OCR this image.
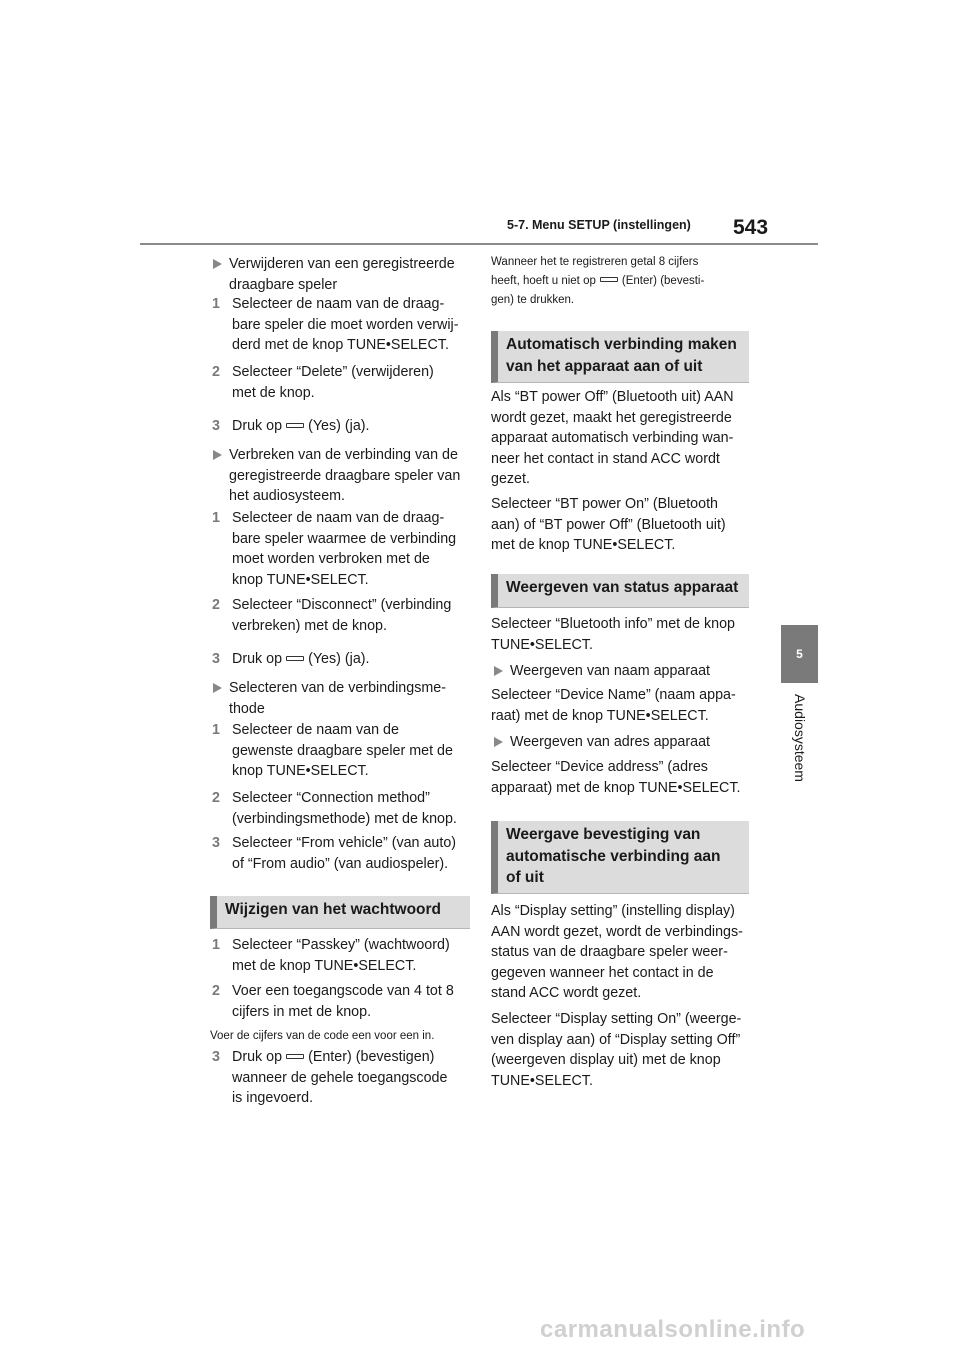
5-7. Menu SETUP (instellingen) 543
5
Audiosysteem
Verwijderen van een geregistreerde
draagbare speler
1 Selecteer de naam van de draag-
bare speler die moet worden verwij-
derd met de knop TUNE•SELECT.
2 Selecteer “Delete” (verwijderen)
met de knop.
3 Druk op (Yes) (ja).
Verbreken van de verbinding van de
geregistreerde draagbare speler van
het audiosysteem.
1 Selecteer de naam van de draag-
bare speler waarmee de verbinding
moet worden verbroken met de
knop TUNE•SELECT.
2 Selecteer “Disconnect” (verbinding
verbreken) met de knop.
3 Druk op (Yes) (ja).
Selecteren van de verbindingsme-
thode
1 Selecteer de naam van de
gewenste draagbare speler met de
knop TUNE•SELECT.
2 Selecteer “Connection method”
(verbindingsmethode) met de knop.
3 Selecteer “From vehicle” (van auto)
of “From audio” (van audiospeler).
Wijzigen van het wachtwoord
1 Selecteer “Passkey” (wachtwoord)
met de knop TUNE•SELECT.
2 Voer een toegangscode van 4 tot 8
cijfers in met de knop.
Voer de cijfers van de code een voor een in.
3 Druk op (Enter) (bevestigen)
wanneer de gehele toegangscode
is ingevoerd.
Wanneer het te registreren getal 8 cijfers
heeft, hoeft u niet op (Enter) (bevesti-
gen) te drukken.
Automatisch verbinding maken
van het apparaat aan of uit
Als “BT power Off” (Bluetooth uit) AAN
wordt gezet, maakt het geregistreerde
apparaat automatisch verbinding wan-
neer het contact in stand ACC wordt
gezet.
Selecteer “BT power On” (Bluetooth
aan) of “BT power Off” (Bluetooth uit)
met de knop TUNE•SELECT.
Weergeven van status apparaat
Selecteer “Bluetooth info” met de knop
TUNE•SELECT.
Weergeven van naam apparaat
Selecteer “Device Name” (naam appa-
raat) met de knop TUNE•SELECT.
Weergeven van adres apparaat
Selecteer “Device address” (adres
apparaat) met de knop TUNE•SELECT.
Weergave bevestiging van
automatische verbinding aan
of uit
Als “Display setting” (instelling display)
AAN wordt gezet, wordt de verbindings-
status van de draagbare speler weer-
gegeven wanneer het contact in de
stand ACC wordt gezet.
Selecteer “Display setting On” (weerge-
ven display aan) of “Display setting Off”
(weergeven display uit) met de knop
TUNE•SELECT.
carmanualsonline.info
